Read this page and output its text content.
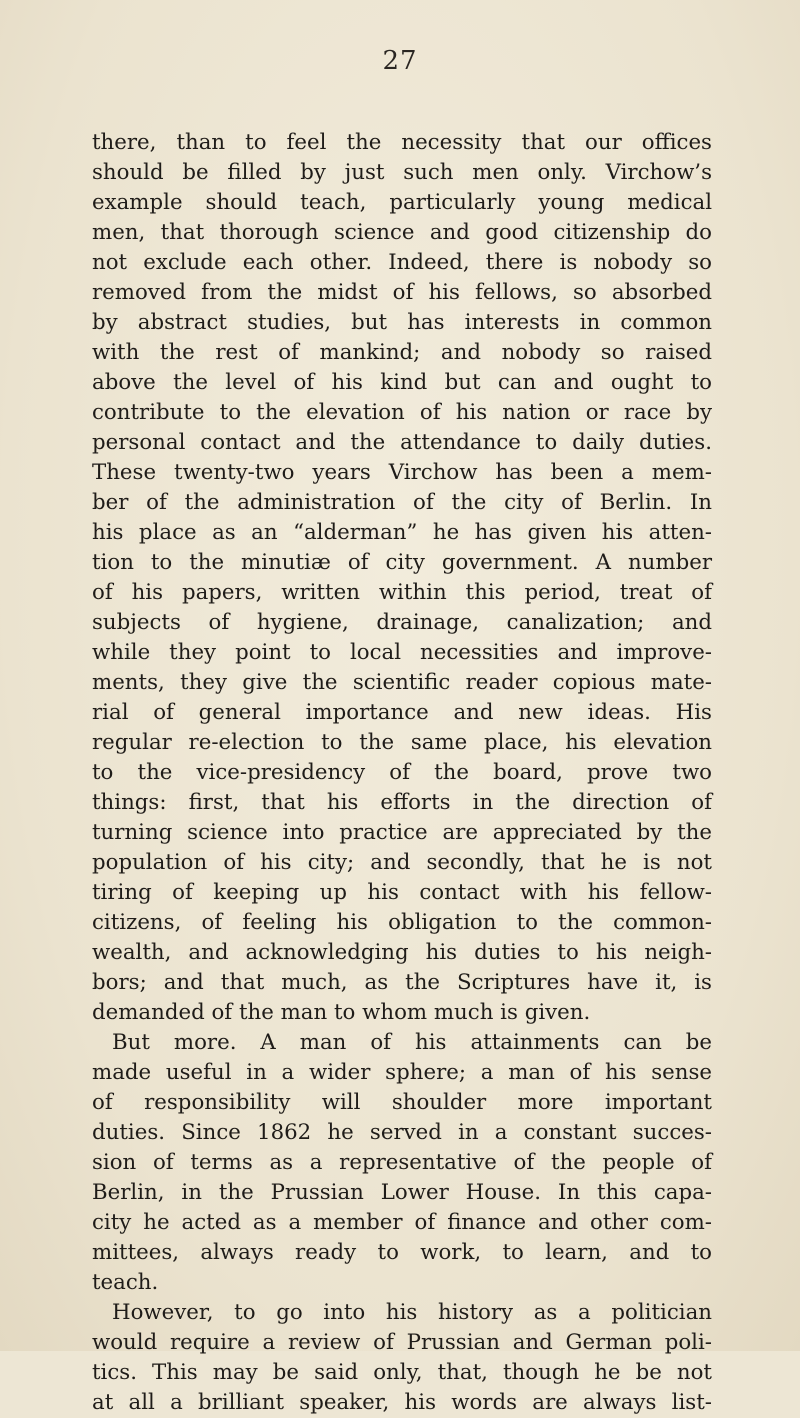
27
there, than to feel the necessity that our offices
should be filled by just such men only. Virchow’s
example should teach, particularly young medical
men, that thorough science and good citizenship do
not exclude each other. Indeed, there is nobody so
removed from the midst of his fellows, so absorbed
by abstract studies, but has interests in common
with the rest of mankind; and nobody so raised
above the level of his kind but can and ought to
contribute to the elevation of his nation or race by
personal contact and the attendance to daily duties.
These twenty-two years Virchow has been a mem-
ber of the administration of the city of Berlin. In
his place as an “alderman” he has given his atten-
tion to the minutiæ of city government. A number
of his papers, written within this period, treat of
subjects of hygiene, drainage, canalization; and
while they point to local necessities and improve-
ments, they give the scientific reader copious mate-
rial of general importance and new ideas. His
regular re-election to the same place, his elevation
to the vice-presidency of the board, prove two
things: first, that his efforts in the direction of
turning science into practice are appreciated by the
population of his city; and secondly, that he is not
tiring of keeping up his contact with his fellow-
citizens, of feeling his obligation to the common-
wealth, and acknowledging his duties to his neigh-
bors; and that much, as the Scriptures have it, is
demanded of the man to whom much is given.
But more. A man of his attainments can be
made useful in a wider sphere; a man of his sense
of responsibility will shoulder more important
duties. Since 1862 he served in a constant succes-
sion of terms as a representative of the people of
Berlin, in the Prussian Lower House. In this capa-
city he acted as a member of finance and other com-
mittees, always ready to work, to learn, and to
teach.
However, to go into his history as a politician
would require a review of Prussian and German poli-
tics. This may be said only, that, though he be not
at all a brilliant speaker, his words are always list-
